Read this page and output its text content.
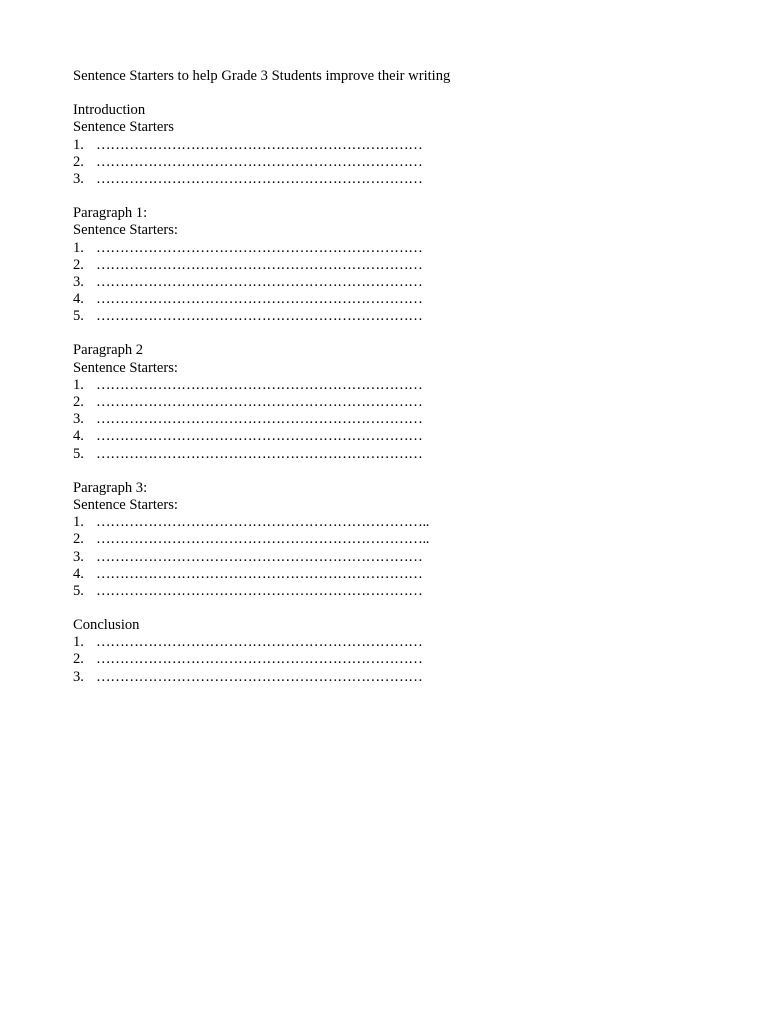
Sentence Starters to help Grade 3 Students improve their writing
Introduction
Sentence Starters
1. ……………………………………………………………
2. ……………………………………………………………
3. ……………………………………………………………
Paragraph 1:
Sentence Starters:
1. ……………………………………………………………
2. ……………………………………………………………
3. ……………………………………………………………
4. ……………………………………………………………
5. ……………………………………………………………
Paragraph 2
Sentence Starters:
1. ……………………………………………………………
2. ……………………………………………………………
3. ……………………………………………………………
4. ……………………………………………………………
5. ……………………………………………………………
Paragraph 3:
Sentence Starters:
1. ……………………………………………………………..
2. ……………………………………………………………..
3. ……………………………………………………………
4. ……………………………………………………………
5. ……………………………………………………………
Conclusion
1. ……………………………………………………………
2. ……………………………………………………………
3. ……………………………………………………………
